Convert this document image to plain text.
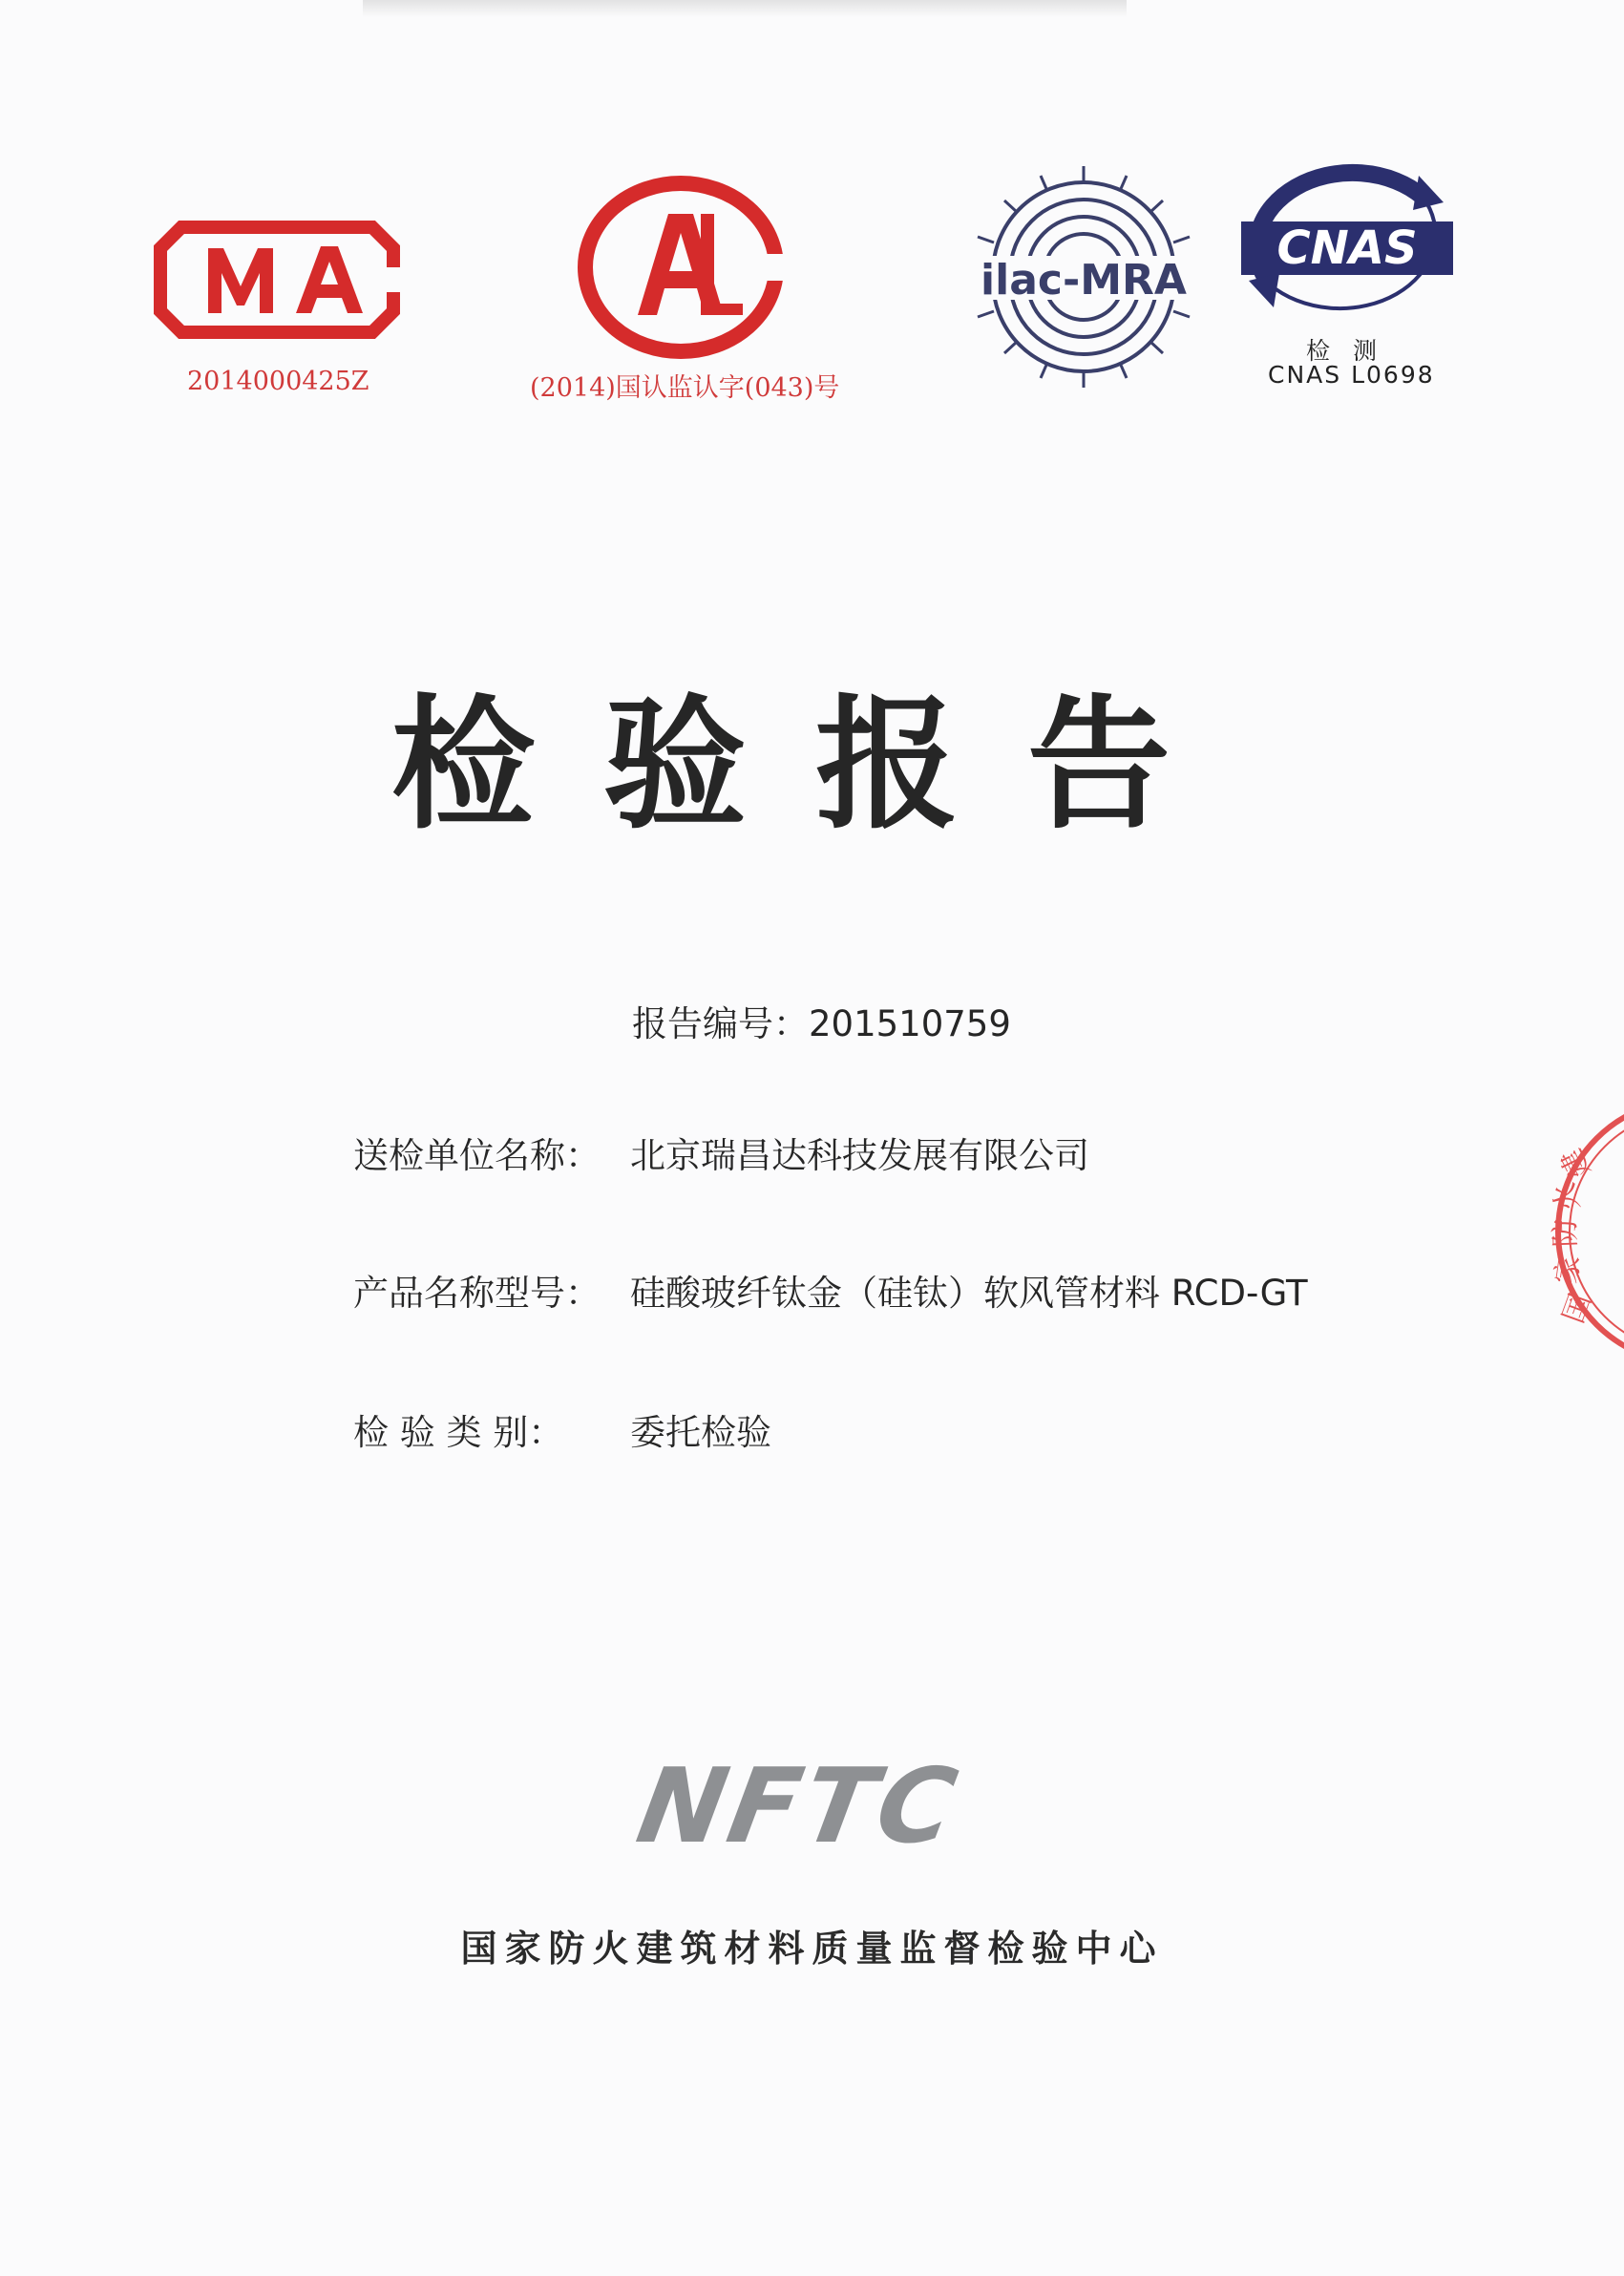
2014000425Z	(2014)国认监认字(043)号
ilac-MRA
CNAS
检 测
CNAS L0698
检验报告
报告编号：201510759
送检单位名称： 北京瑞昌达科技发展有限公司
产品名称型号： 硅酸玻纤钛金（硅钛）软风管材料 RCD-GT
检 验 类 别： 委托检验
NFTC
国家防火建筑材料质量监督检验中心
国
家
防
火
建
